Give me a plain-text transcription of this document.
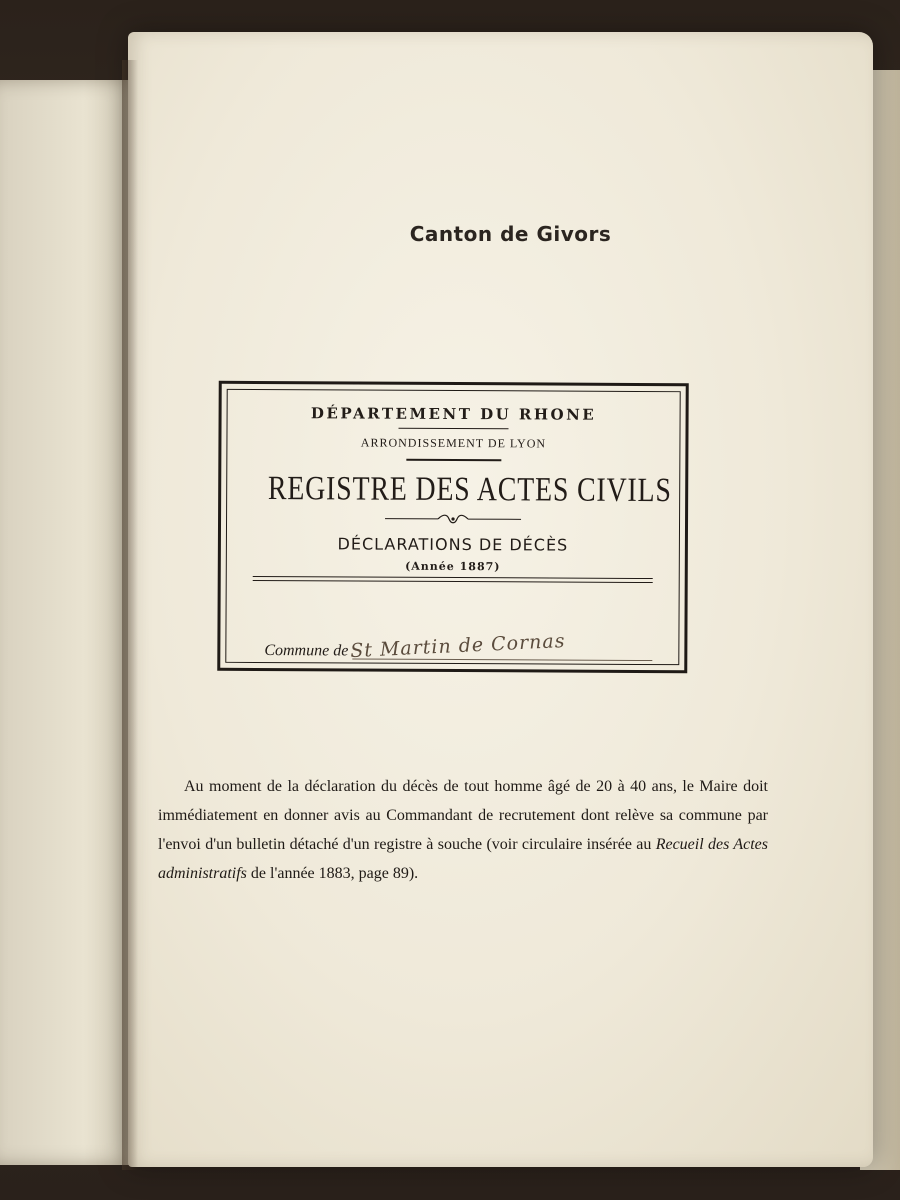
Canton de Givors
DÉPARTEMENT DU RHONE
ARRONDISSEMENT DE LYON
REGISTRE DES ACTES CIVILS
DÉCLARATIONS DE DÉCÈS
(Année 1887)
Commune de St Martin de Cornas

Au moment de la déclaration du décès de tout homme âgé de 20 à 40 ans, le Maire doit immédiatement en donner avis au Commandant de recrutement dont relève sa commune par l'envoi d'un bulletin détaché d'un registre à souche (voir circulaire insérée au Recueil des Actes administratifs de l'année 1883, page 89).
